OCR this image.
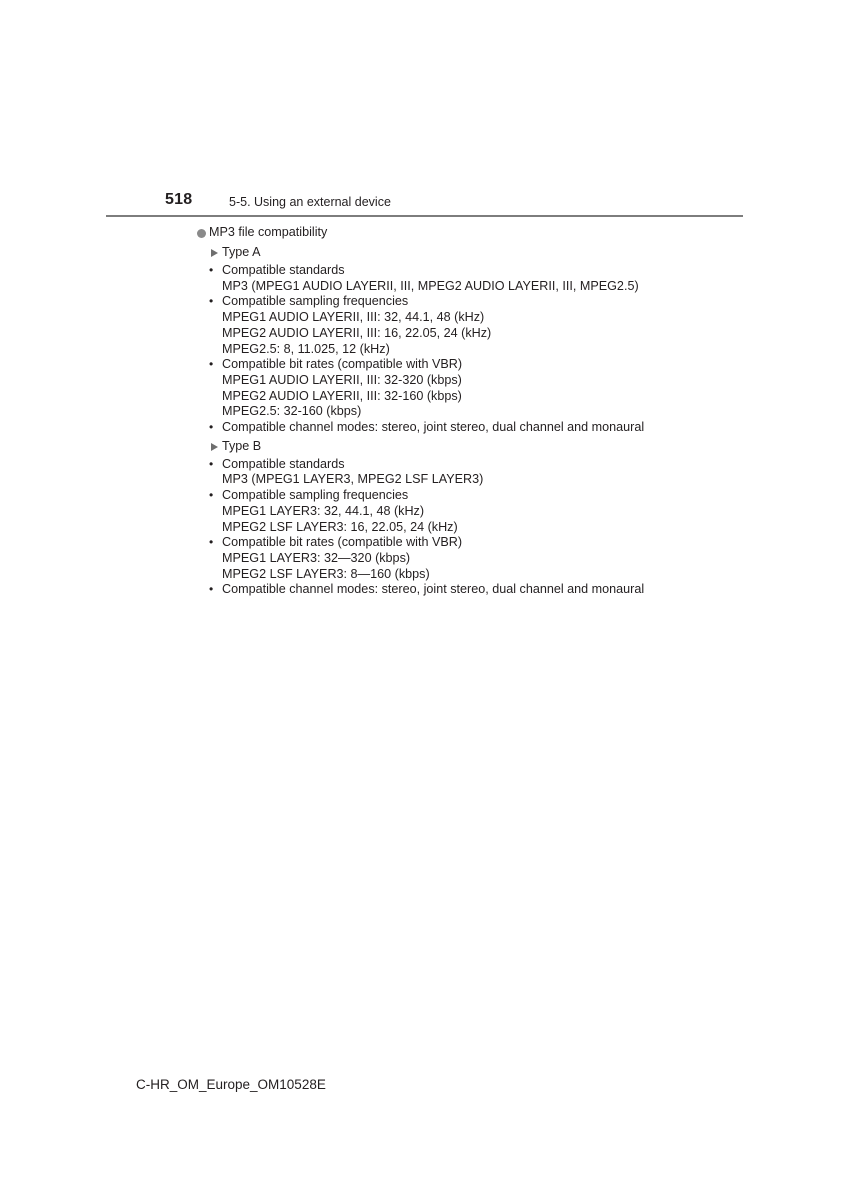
518	5-5. Using an external device
MP3 file compatibility
Type A
• Compatible standards
MP3 (MPEG1 AUDIO LAYERII, III, MPEG2 AUDIO LAYERII, III, MPEG2.5)
• Compatible sampling frequencies
MPEG1 AUDIO LAYERII, III: 32, 44.1, 48 (kHz)
MPEG2 AUDIO LAYERII, III: 16, 22.05, 24 (kHz)
MPEG2.5: 8, 11.025, 12 (kHz)
• Compatible bit rates (compatible with VBR)
MPEG1 AUDIO LAYERII, III: 32-320 (kbps)
MPEG2 AUDIO LAYERII, III: 32-160 (kbps)
MPEG2.5: 32-160 (kbps)
• Compatible channel modes: stereo, joint stereo, dual channel and monaural
Type B
• Compatible standards
MP3 (MPEG1 LAYER3, MPEG2 LSF LAYER3)
• Compatible sampling frequencies
MPEG1 LAYER3: 32, 44.1, 48 (kHz)
MPEG2 LSF LAYER3: 16, 22.05, 24 (kHz)
• Compatible bit rates (compatible with VBR)
MPEG1 LAYER3: 32—320 (kbps)
MPEG2 LSF LAYER3: 8—160 (kbps)
• Compatible channel modes: stereo, joint stereo, dual channel and monaural
C-HR_OM_Europe_OM10528E
